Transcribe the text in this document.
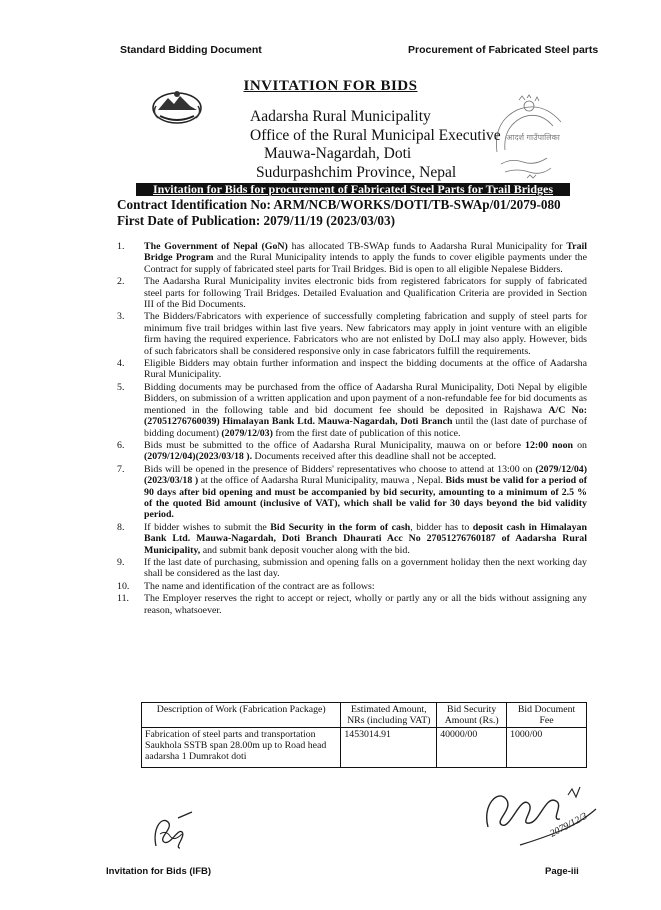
Standard Bidding Document	Procurement of Fabricated Steel parts
INVITATION FOR BIDS
Aadarsha Rural Municipality
Office of the Rural Municipal Executive
Mauwa-Nagardah, Doti
Sudurpashchim Province, Nepal
आदर्श गाउँपालिका
Invitation for Bids for procurement of Fabricated Steel Parts for Trail Bridges
Contract Identification No: ARM/NCB/WORKS/DOTI/TB-SWAp/01/2079-080
First Date of Publication: 2079/11/19 (2023/03/03)
1. The Government of Nepal (GoN) has allocated TB-SWAp funds to Aadarsha Rural Municipality for Trail Bridge Program and the Rural Municipality intends to apply the funds to cover eligible payments under the Contract for supply of fabricated steel parts for Trail Bridges. Bid is open to all eligible Nepalese Bidders.
2. The Aadarsha Rural Municipality invites electronic bids from registered fabricators for supply of fabricated steel parts for following Trail Bridges. Detailed Evaluation and Qualification Criteria are provided in Section III of the Bid Documents.
3. The Bidders/Fabricators with experience of successfully completing fabrication and supply of steel parts for minimum five trail bridges within last five years. New fabricators may apply in joint venture with an eligible firm having the required experience. Fabricators who are not enlisted by DoLI may also apply. However, bids of such fabricators shall be considered responsive only in case fabricators fulfill the requirements.
4. Eligible Bidders may obtain further information and inspect the bidding documents at the office of Aadarsha Rural Municipality.
5. Bidding documents may be purchased from the office of Aadarsha Rural Municipality, Doti Nepal by eligible Bidders, on submission of a written application and upon payment of a non-refundable fee for bid documents as mentioned in the following table and bid document fee should be deposited in Rajshawa A/C No: (27051276760039) Himalayan Bank Ltd. Mauwa-Nagardah, Doti Branch until the (last date of purchase of bidding document) (2079/12/03) from the first date of publication of this notice.
6. Bids must be submitted to the office of Aadarsha Rural Municipality, mauwa on or before 12:00 noon on (2079/12/04)(2023/03/18 ). Documents received after this deadline shall not be accepted.
7. Bids will be opened in the presence of Bidders' representatives who choose to attend at 13:00 on (2079/12/04)(2023/03/18 ) at the office of Aadarsha Rural Municipality, mauwa , Nepal. Bids must be valid for a period of 90 days after bid opening and must be accompanied by bid security, amounting to a minimum of 2.5 % of the quoted Bid amount (inclusive of VAT), which shall be valid for 30 days beyond the bid validity period.
8. If bidder wishes to submit the Bid Security in the form of cash, bidder has to deposit cash in Himalayan Bank Ltd. Mauwa-Nagardah, Doti Branch Dhaurati Acc No 27051276760187 of Aadarsha Rural Municipality, and submit bank deposit voucher along with the bid.
9. If the last date of purchasing, submission and opening falls on a government holiday then the next working day shall be considered as the last day.
10. The name and identification of the contract are as follows:
11. The Employer reserves the right to accept or reject, wholly or partly any or all the bids without assigning any reason, whatsoever.
Description of Work (Fabrication Package)	Estimated Amount, NRs (including VAT)	Bid Security Amount (Rs.)	Bid Document Fee
Fabrication of steel parts and transportation Saukhola SSTB span 28.00m up to Road head aadarsha 1 Dumrakot doti	1453014.91	40000/00	1000/00
2079/12/3
Invitation for Bids (IFB)	Page-iii
